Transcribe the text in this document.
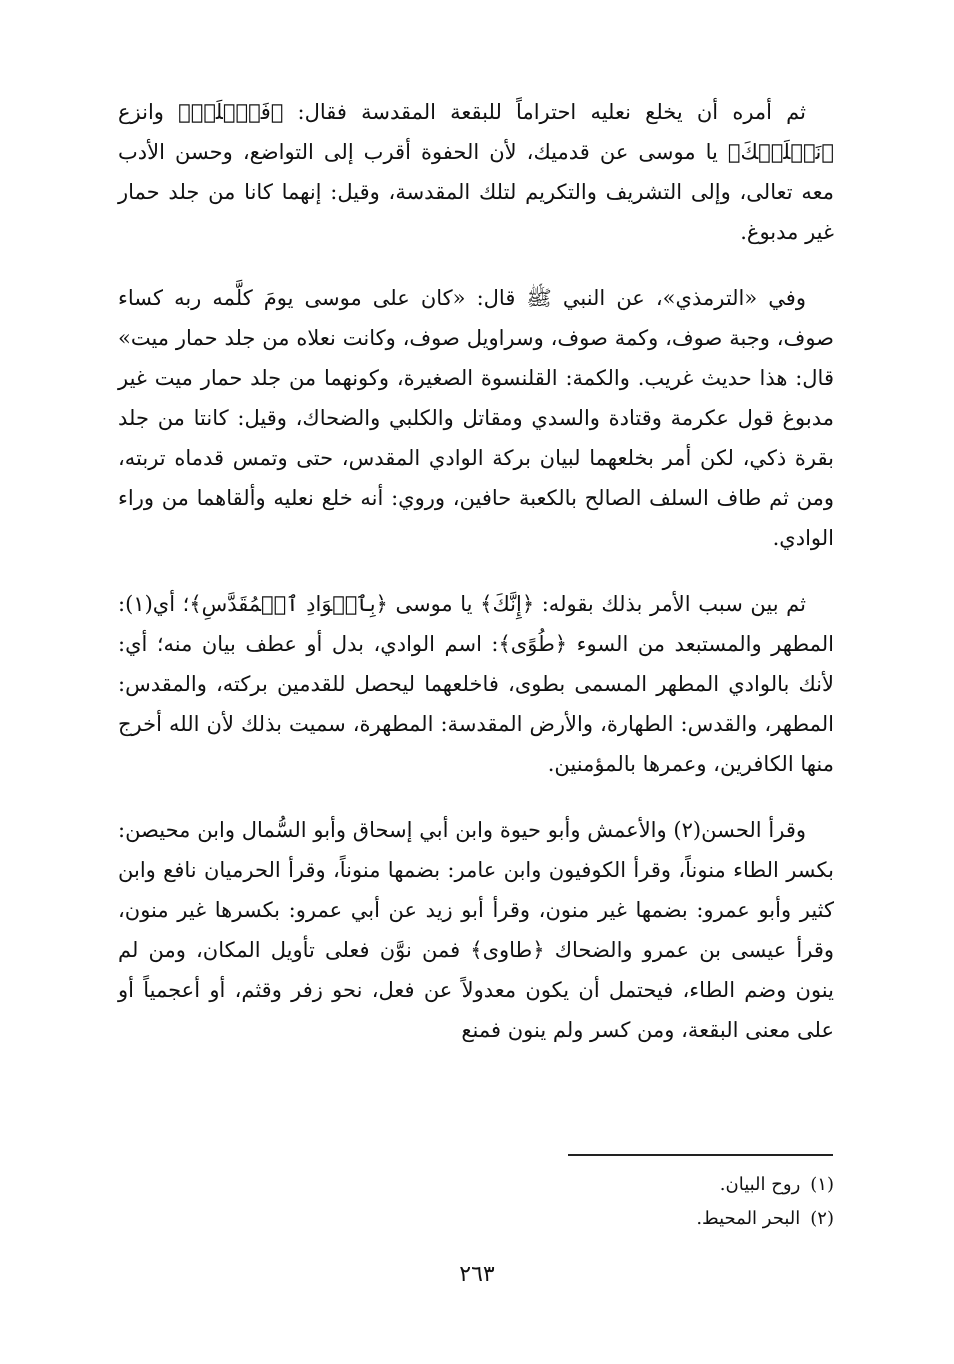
ثم أمره أن يخلع نعليه احتراماً للبقعة المقدسة فقال: ﴿فَٱخۡلَعۡ﴾ وانزع ﴿نَعۡلَيۡكَ﴾ يا موسى عن قدميك، لأن الحفوة أقرب إلى التواضع، وحسن الأدب معه تعالى، وإلى التشريف والتكريم لتلك المقدسة، وقيل: إنهما كانا من جلد حمار غير مدبوغ.

وفي «الترمذي»، عن النبي ﷺ قال: «كان على موسى يومَ كلَّمه ربه كساء صوف، وجبة صوف، وكمة صوف، وسراويل صوف، وكانت نعلاه من جلد حمار ميت» قال: هذا حديث غريب. والكمة: القلنسوة الصغيرة، وكونهما من جلد حمار ميت غير مدبوغ قول عكرمة وقتادة والسدي ومقاتل والكلبي والضحاك، وقيل: كانتا من جلد بقرة ذكي، لكن أمر بخلعهما لبيان بركة الوادي المقدس، حتى وتمس قدماه تربته، ومن ثم طاف السلف الصالح بالكعبة حافين، وروي: أنه خلع نعليه وألقاهما من وراء الوادي.

ثم بين سبب الأمر بذلك بقوله: ﴿إِنَّكَ﴾ يا موسى ﴿بِٱلۡوَادِ ٱلۡمُقَدَّسِ﴾؛ أي(١): المطهر والمستبعد من السوء ﴿طُوًى﴾: اسم الوادي، بدل أو عطف بيان منه؛ أي: لأنك بالوادي المطهر المسمى بطوى، فاخلعهما ليحصل للقدمين بركته، والمقدس: المطهر، والقدس: الطهارة، والأرض المقدسة: المطهرة، سميت بذلك لأن الله أخرج منها الكافرين، وعمرها بالمؤمنين.

وقرأ الحسن(٢) والأعمش وأبو حيوة وابن أبي إسحاق وأبو السُّمال وابن محيصن: بكسر الطاء منوناً، وقرأ الكوفيون وابن عامر: بضمها منوناً، وقرأ الحرميان نافع وابن كثير وأبو عمرو: بضمها غير منون، وقرأ أبو زيد عن أبي عمرو: بكسرها غير منون، وقرأ عيسى بن عمرو والضحاك ﴿طاوى﴾ فمن نوَّن فعلى تأويل المكان، ومن لم ينون وضم الطاء، فيحتمل أن يكون معدولاً عن فعل، نحو زفر وقثم، أو أعجمياً أو على معنى البقعة، ومن كسر ولم ينون فمنع

(١)روح البيان.

(٢)البحر المحيط.

٢٦٣
